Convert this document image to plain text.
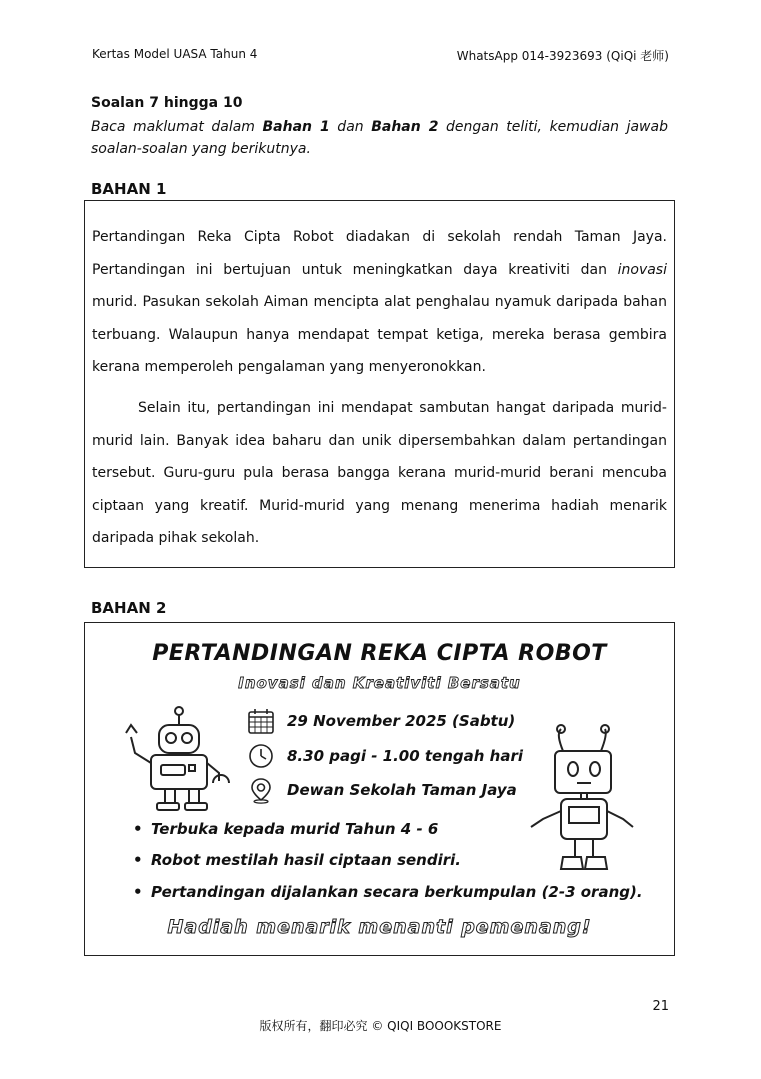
Kertas Model UASA Tahun 4	WhatsApp 014-3923693 (QiQi 老师)
Soalan 7 hingga 10
Baca maklumat dalam Bahan 1 dan Bahan 2 dengan teliti, kemudian jawab soalan-soalan yang berikutnya.
BAHAN 1

Pertandingan Reka Cipta Robot diadakan di sekolah rendah Taman Jaya. Pertandingan ini bertujuan untuk meningkatkan daya kreativiti dan inovasi murid. Pasukan sekolah Aiman mencipta alat penghalau nyamuk daripada bahan terbuang. Walaupun hanya mendapat tempat ketiga, mereka berasa gembira kerana memperoleh pengalaman yang menyeronokkan.

Selain itu, pertandingan ini mendapat sambutan hangat daripada murid-murid lain. Banyak idea baharu dan unik dipersembahkan dalam pertandingan tersebut. Guru-guru pula berasa bangga kerana murid-murid berani mencuba ciptaan yang kreatif. Murid-murid yang menang menerima hadiah menarik daripada pihak sekolah.

BAHAN 2
PERTANDINGAN REKA CIPTA ROBOT
Inovasi dan Kreativiti Bersatu
29 November 2025 (Sabtu)
8.30 pagi - 1.00 tengah hari
Dewan Sekolah Taman Jaya
• Terbuka kepada murid Tahun 4 - 6
• Robot mestilah hasil ciptaan sendiri.
• Pertandingan dijalankan secara berkumpulan (2-3 orang).
Hadiah menarik menanti pemenang!
21
版权所有，翻印必究 © QIQI BOOOKSTORE
